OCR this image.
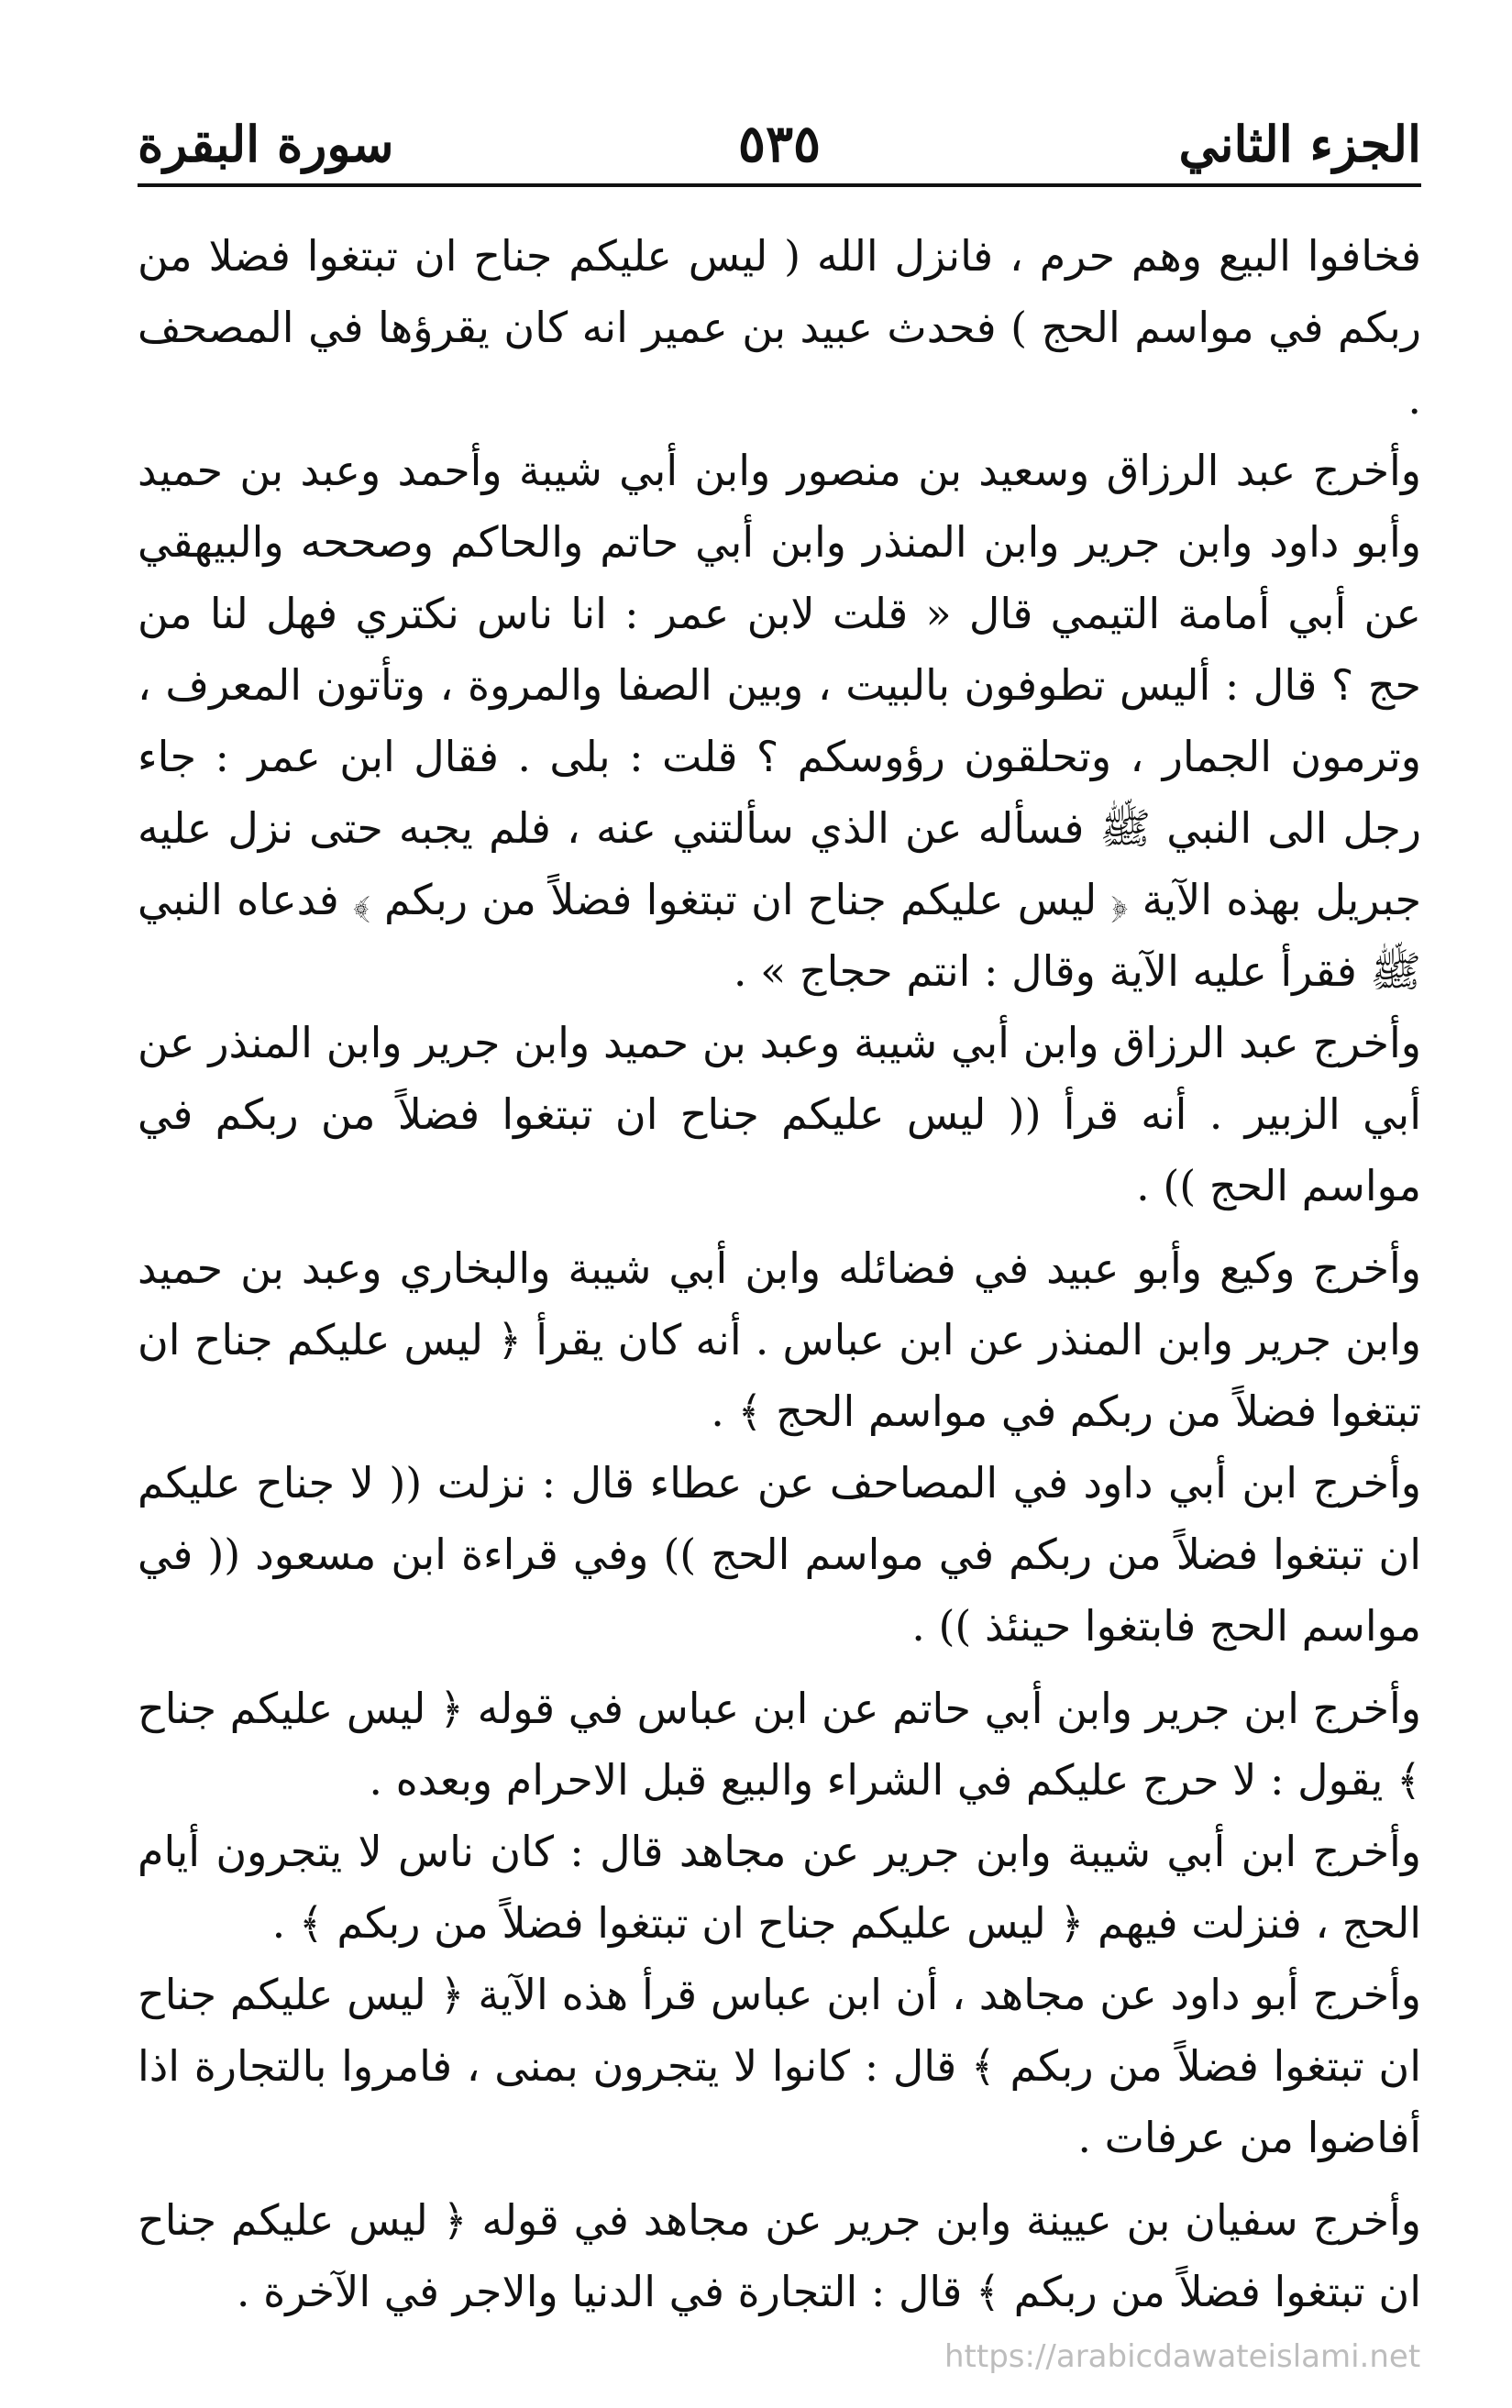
الجزء الثاني
٥٣٥
سورة البقرة

فخافوا البيع وهم حرم ، فانزل الله ( ليس عليكم جناح ان تبتغوا فضلا من ربكم في مواسم الحج ) فحدث عبيد بن عمير انه كان يقرؤها في المصحف .

وأخرج عبد الرزاق وسعيد بن منصور وابن أبي شيبة وأحمد وعبد بن حميد وأبو داود وابن جرير وابن المنذر وابن أبي حاتم والحاكم وصححه والبيهقي عن أبي أمامة التيمي قال « قلت لابن عمر : انا ناس نكتري فهل لنا من حج ؟ قال : أليس تطوفون بالبيت ، وبين الصفا والمروة ، وتأتون المعرف ، وترمون الجمار ، وتحلقون رؤوسكم ؟ قلت : بلى . فقال ابن عمر : جاء رجل الى النبي ﷺ فسأله عن الذي سألتني عنه ، فلم يجبه حتى نزل عليه جبريل بهذه الآية ﴿ ليس عليكم جناح ان تبتغوا فضلاً من ربكم ﴾ فدعاه النبي ﷺ فقرأ عليه الآية وقال : انتم حجاج » .

وأخرج عبد الرزاق وابن أبي شيبة وعبد بن حميد وابن جرير وابن المنذر عن أبي الزبير . أنه قرأ (( ليس عليكم جناح ان تبتغوا فضلاً من ربكم في مواسم الحج )) .

وأخرج وكيع وأبو عبيد في فضائله وابن أبي شيبة والبخاري وعبد بن حميد وابن جرير وابن المنذر عن ابن عباس . أنه كان يقرأ ﴿ ليس عليكم جناح ان تبتغوا فضلاً من ربكم في مواسم الحج ﴾ .

وأخرج ابن أبي داود في المصاحف عن عطاء قال : نزلت (( لا جناح عليكم ان تبتغوا فضلاً من ربكم في مواسم الحج )) وفي قراءة ابن مسعود (( في مواسم الحج فابتغوا حينئذ )) .

وأخرج ابن جرير وابن أبي حاتم عن ابن عباس في قوله ﴿ ليس عليكم جناح ﴾ يقول : لا حرج عليكم في الشراء والبيع قبل الاحرام وبعده .

وأخرج ابن أبي شيبة وابن جرير عن مجاهد قال : كان ناس لا يتجرون أيام الحج ، فنزلت فيهم ﴿ ليس عليكم جناح ان تبتغوا فضلاً من ربكم ﴾ .

وأخرج أبو داود عن مجاهد ، أن ابن عباس قرأ هذه الآية ﴿ ليس عليكم جناح ان تبتغوا فضلاً من ربكم ﴾ قال : كانوا لا يتجرون بمنى ، فامروا بالتجارة اذا أفاضوا من عرفات .

وأخرج سفيان بن عيينة وابن جرير عن مجاهد في قوله ﴿ ليس عليكم جناح ان تبتغوا فضلاً من ربكم ﴾ قال : التجارة في الدنيا والاجر في الآخرة .

https://arabicdawateislami.net
